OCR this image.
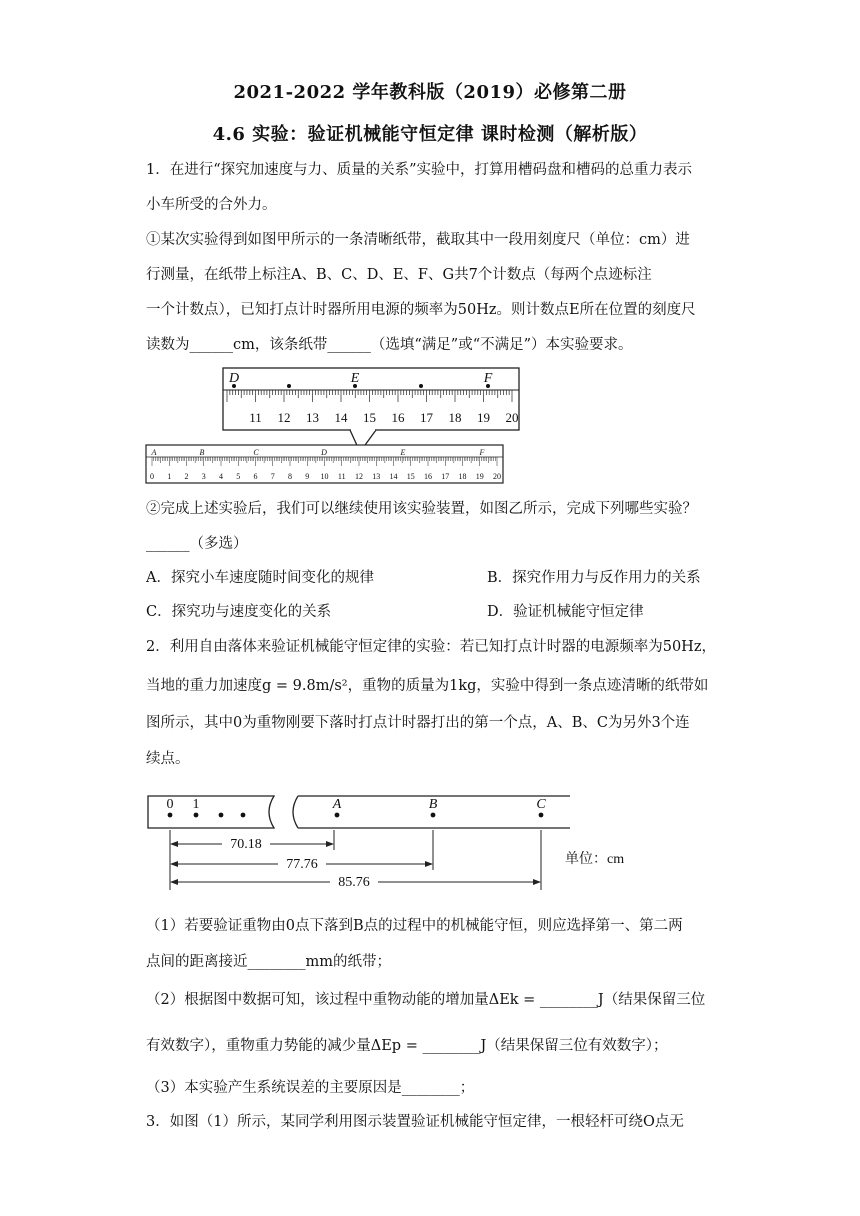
2021-2022 学年教科版（2019）必修第二册
4.6 实验：验证机械能守恒定律 课时检测（解析版）
1．在进行“探究加速度与力、质量的关系”实验中，打算用槽码盘和槽码的总重力表示
小车所受的合外力。
①某次实验得到如图甲所示的一条清晰纸带，截取其中一段用刻度尺（单位：cm）进
行测量，在纸带上标注A、B、C、D、E、F、G共7个计数点（每两个点迹标注
一个计数点），已知打点计时器所用电源的频率为50Hz。则计数点E所在位置的刻度尺
读数为______cm，该条纸带______（选填“满足”或“不满足”）本实验要求。
11 12 13 14 15 16 17 18 19 20
D	E	F
0 1 2 3 4 5 6 7 8 9 10 11 12 13 14 15 16 17 18 19 20
A	B	C	D	E	F
②完成上述实验后，我们可以继续使用该实验装置，如图乙所示，完成下列哪些实验？
______（多选）
A．探究小车速度随时间变化的规律	B．探究作用力与反作用力的关系
C．探究功与速度变化的关系	D．验证机械能守恒定律
2．利用自由落体来验证机械能守恒定律的实验：若已知打点计时器的电源频率为50Hz，
当地的重力加速度g = 9.8m/s²，重物的质量为1kg，实验中得到一条点迹清晰的纸带如
图所示，其中0为重物刚要下落时打点计时器打出的第一个点，A、B、C为另外3个连
续点。
0 1	A	B	C
70.18
77.76
85.76
单位：cm
（1）若要验证重物由0点下落到B点的过程中的机械能守恒，则应选择第一、第二两
点间的距离接近________mm的纸带；
（2）根据图中数据可知，该过程中重物动能的增加量ΔEk = ________J（结果保留三位
有效数字），重物重力势能的减少量ΔEp = ________J（结果保留三位有效数字）；
（3）本实验产生系统误差的主要原因是________；
3．如图（1）所示，某同学利用图示装置验证机械能守恒定律，一根轻杆可绕O点无
